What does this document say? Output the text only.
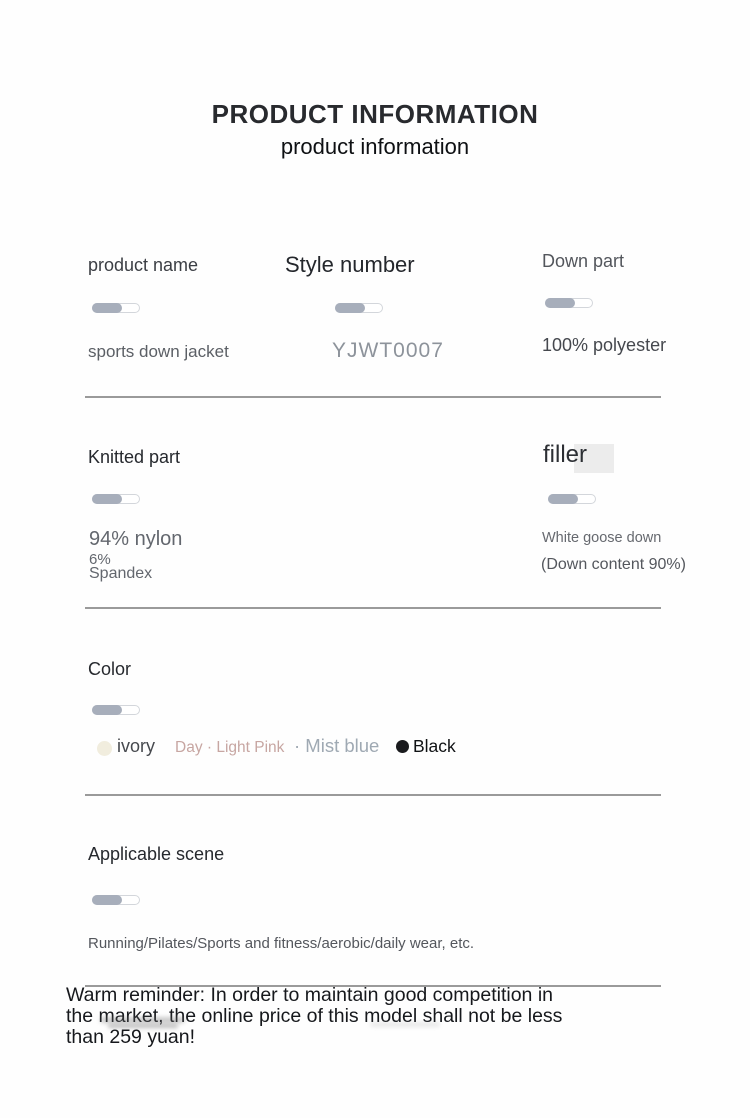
PRODUCT INFORMATION
product information
product name
sports down jacket
Style number
YJWT0007
Down part
100% polyester
Knitted part
94% nylon
6%
Spandex
filler
White goose down
(Down content 90%)
Color
ivory Day · Light Pink · Mist blue Black
Applicable scene
Running/Pilates/Sports and fitness/aerobic/daily wear, etc.
Warm reminder: In order to maintain good competition in
the market, the online price of this model shall not be less
than 259 yuan!
